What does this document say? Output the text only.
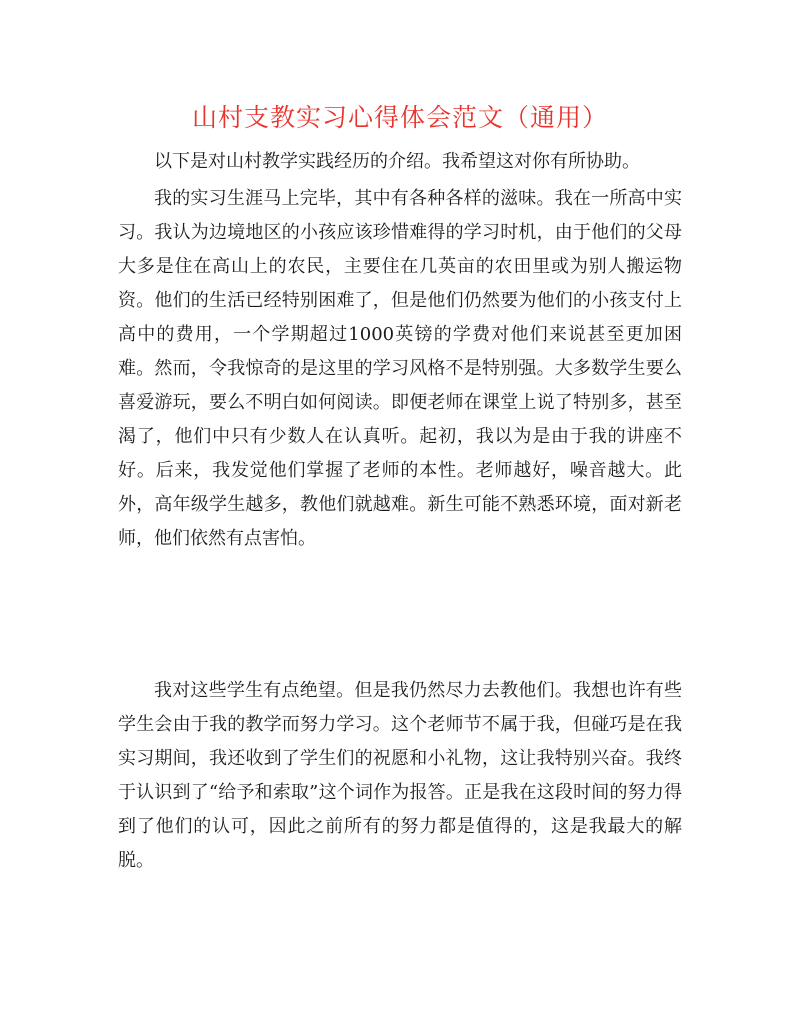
山村支教实习心得体会范文（通用）

以下是对山村教学实践经历的介绍。我希望这对你有所协助。

我的实习生涯马上完毕，其中有各种各样的滋味。我在一所高中实习。我认为边境地区的小孩应该珍惜难得的学习时机，由于他们的父母大多是住在高山上的农民，主要住在几英亩的农田里或为别人搬运物资。他们的生活已经特别困难了，但是他们仍然要为他们的小孩支付上高中的费用，一个学期超过1000英镑的学费对他们来说甚至更加困难。然而，令我惊奇的是这里的学习风格不是特别强。大多数学生要么喜爱游玩，要么不明白如何阅读。即便老师在课堂上说了特别多，甚至渴了，他们中只有少数人在认真听。起初，我以为是由于我的讲座不好。后来，我发觉他们掌握了老师的本性。老师越好，噪音越大。此外，高年级学生越多，教他们就越难。新生可能不熟悉环境，面对新老师，他们依然有点害怕。

我对这些学生有点绝望。但是我仍然尽力去教他们。我想也许有些学生会由于我的教学而努力学习。这个老师节不属于我，但碰巧是在我实习期间，我还收到了学生们的祝愿和小礼物，这让我特别兴奋。我终于认识到了“给予和索取”这个词作为报答。正是我在这段时间的努力得到了他们的认可，因此之前所有的努力都是值得的，这是我最大的解脱。
